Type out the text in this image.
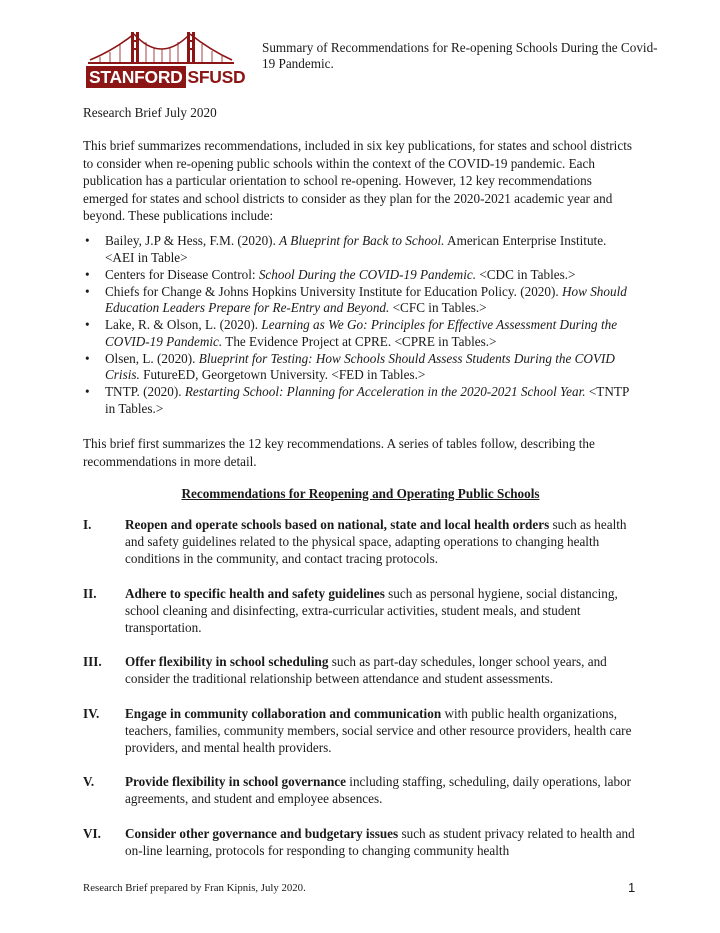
STANFORD SFUSD

Summary of Recommendations for Re-opening Schools During the Covid-19 Pandemic.

Research Brief July 2020

This brief summarizes recommendations, included in six key publications, for states and school districts to consider when re-opening public schools within the context of the COVID-19 pandemic. Each publication has a particular orientation to school re-opening. However, 12 key recommendations emerged for states and school districts to consider as they plan for the 2020-2021 academic year and beyond. These publications include:

• Bailey, J.P & Hess, F.M. (2020). A Blueprint for Back to School. American Enterprise Institute. <AEI in Table>
• Centers for Disease Control: School During the COVID-19 Pandemic. <CDC in Tables.>
• Chiefs for Change & Johns Hopkins University Institute for Education Policy. (2020). How Should Education Leaders Prepare for Re-Entry and Beyond. <CFC in Tables.>
• Lake, R. & Olson, L. (2020). Learning as We Go: Principles for Effective Assessment During the COVID-19 Pandemic. The Evidence Project at CPRE. <CPRE in Tables.>
• Olsen, L. (2020). Blueprint for Testing: How Schools Should Assess Students During the COVID Crisis. FutureED, Georgetown University. <FED in Tables.>
• TNTP. (2020). Restarting School: Planning for Acceleration in the 2020-2021 School Year. <TNTP in Tables.>

This brief first summarizes the 12 key recommendations. A series of tables follow, describing the recommendations in more detail.

Recommendations for Reopening and Operating Public Schools

I.	Reopen and operate schools based on national, state and local health orders such as health and safety guidelines related to the physical space, adapting operations to changing health conditions in the community, and contact tracing protocols.
II. Adhere to specific health and safety guidelines such as personal hygiene, social distancing, school cleaning and disinfecting, extra-curricular activities, student meals, and student transportation.
III. Offer flexibility in school scheduling such as part-day schedules, longer school years, and consider the traditional relationship between attendance and student assessments.
IV. Engage in community collaboration and communication with public health organizations, teachers, families, community members, social service and other resource providers, health care providers, and mental health providers.
V. Provide flexibility in school governance including staffing, scheduling, daily operations, labor agreements, and student and employee absences.
VI. Consider other governance and budgetary issues such as student privacy related to health and on-line learning, protocols for responding to changing community health

Research Brief prepared by Fran Kipnis, July 2020.	1
